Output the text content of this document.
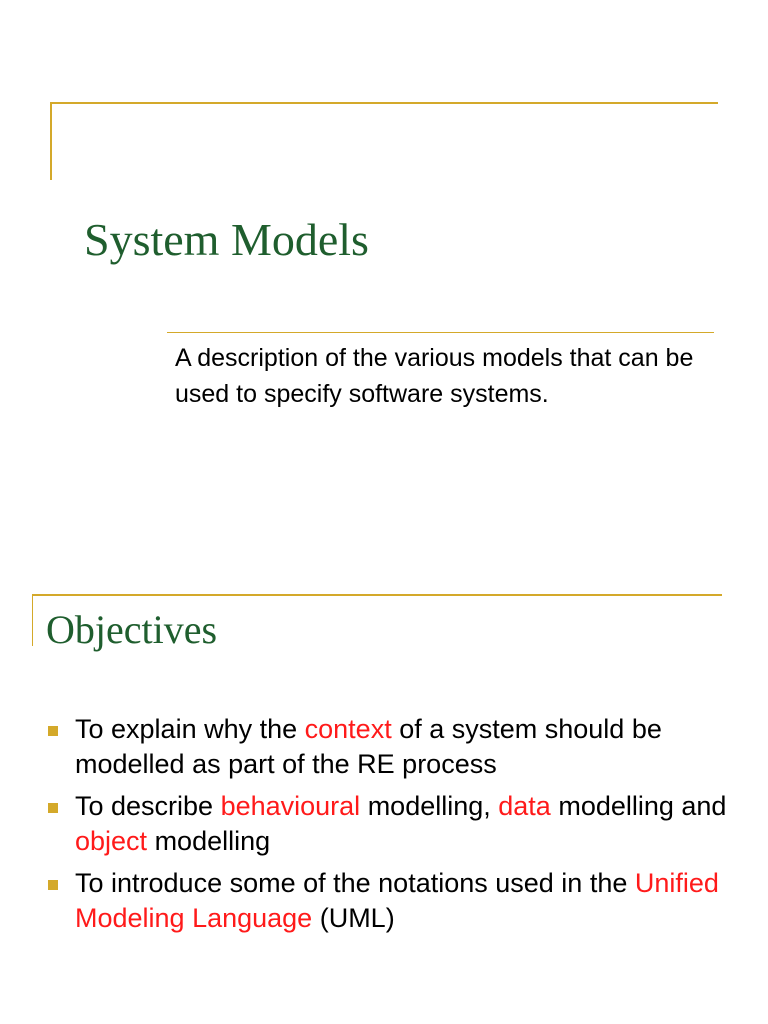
System Models
A description of the various models that can be used to specify software systems.
Objectives
To explain why the context of a system should be modelled as part of the RE process
To describe behavioural modelling, data modelling and object modelling
To introduce some of the notations used in the Unified Modeling Language (UML)
